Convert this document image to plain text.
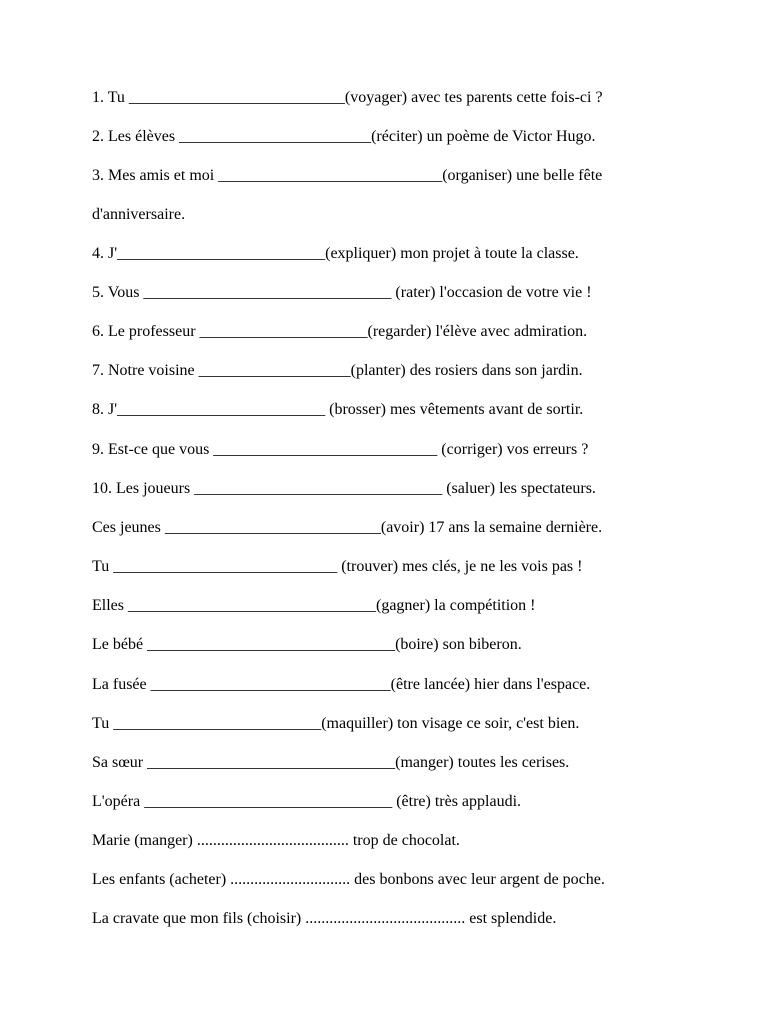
1. Tu ___________________________(voyager) avec tes parents cette fois-ci ?
2. Les élèves ________________________(réciter) un poème de Victor Hugo.
3. Mes amis et moi ____________________________(organiser) une belle fête
d'anniversaire.
4. J'__________________________(expliquer) mon projet à toute la classe.
5. Vous _______________________________ (rater) l'occasion de votre vie !
6. Le professeur _____________________(regarder) l'élève avec admiration.
7. Notre voisine ___________________(planter) des rosiers dans son jardin.
8. J'__________________________ (brosser) mes vêtements avant de sortir.
9. Est-ce que vous ____________________________ (corriger) vos erreurs ?
10. Les joueurs _______________________________ (saluer) les spectateurs.
Ces jeunes ___________________________(avoir) 17 ans la semaine dernière.
Tu ____________________________ (trouver) mes clés, je ne les vois pas !
Elles _______________________________(gagner) la compétition !
Le bébé _______________________________(boire) son biberon.
La fusée ______________________________(être lancée) hier dans l'espace.
Tu __________________________(maquiller) ton visage ce soir, c'est bien.
Sa sœur _______________________________(manger) toutes les cerises.
L'opéra _______________________________ (être) très applaudi.
Marie (manger) ...................................... trop de chocolat.
Les enfants (acheter) .............................. des bonbons avec leur argent de poche.
La cravate que mon fils (choisir) ........................................ est splendide.
